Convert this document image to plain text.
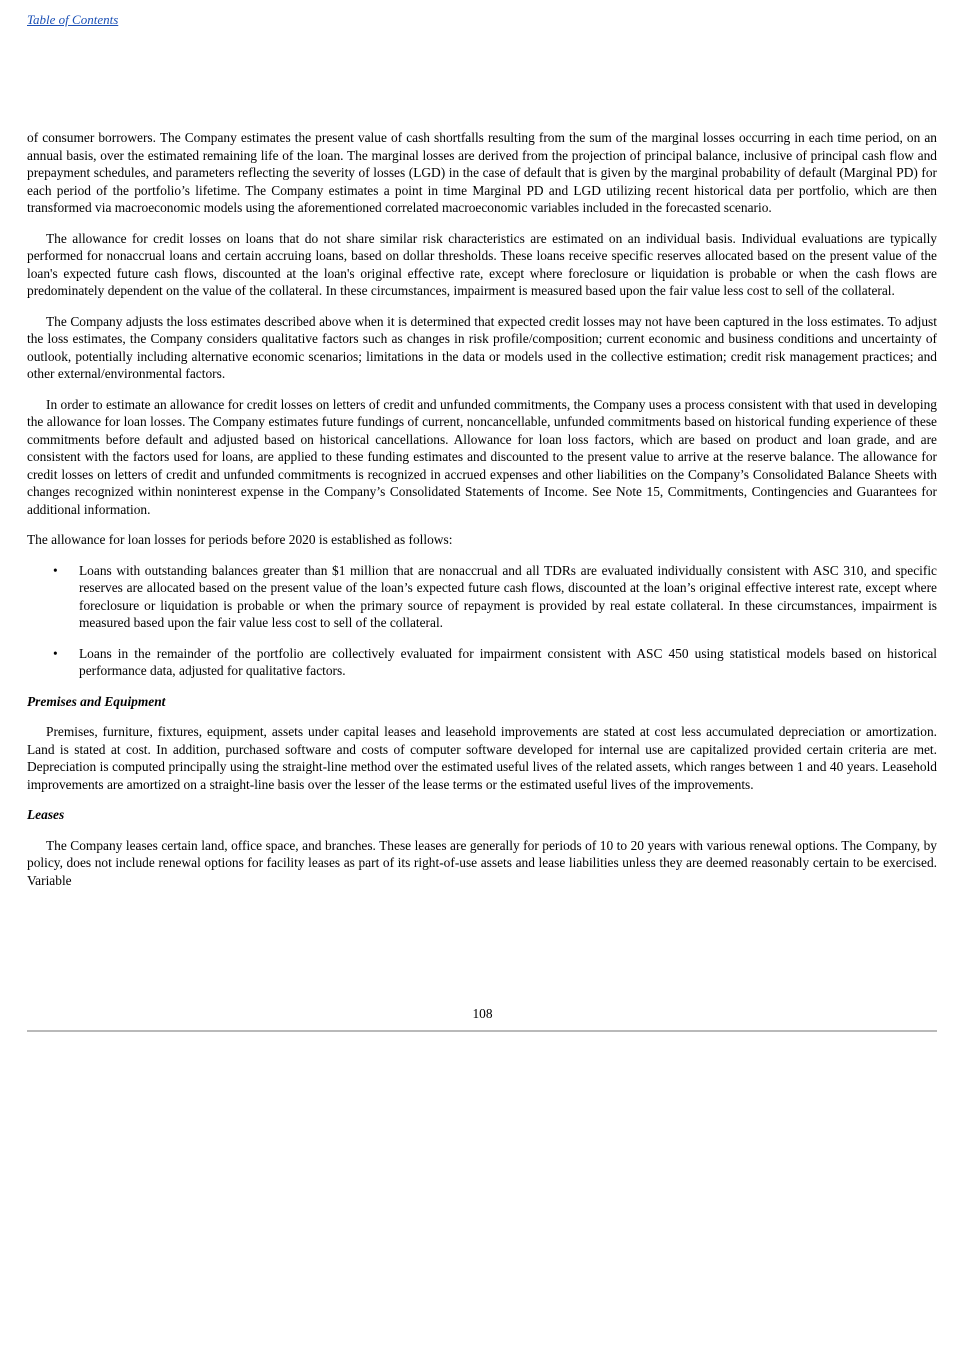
Table of Contents

of consumer borrowers. The Company estimates the present value of cash shortfalls resulting from the sum of the marginal losses occurring in each time period, on an annual basis, over the estimated remaining life of the loan. The marginal losses are derived from the projection of principal balance, inclusive of principal cash flow and prepayment schedules, and parameters reflecting the severity of losses (LGD) in the case of default that is given by the marginal probability of default (Marginal PD) for each period of the portfolio’s lifetime. The Company estimates a point in time Marginal PD and LGD utilizing recent historical data per portfolio, which are then transformed via macroeconomic models using the aforementioned correlated macroeconomic variables included in the forecasted scenario.

The allowance for credit losses on loans that do not share similar risk characteristics are estimated on an individual basis. Individual evaluations are typically performed for nonaccrual loans and certain accruing loans, based on dollar thresholds. These loans receive specific reserves allocated based on the present value of the loan's expected future cash flows, discounted at the loan's original effective rate, except where foreclosure or liquidation is probable or when the cash flows are predominately dependent on the value of the collateral. In these circumstances, impairment is measured based upon the fair value less cost to sell of the collateral.

The Company adjusts the loss estimates described above when it is determined that expected credit losses may not have been captured in the loss estimates. To adjust the loss estimates, the Company considers qualitative factors such as changes in risk profile/composition; current economic and business conditions and uncertainty of outlook, potentially including alternative economic scenarios; limitations in the data or models used in the collective estimation; credit risk management practices; and other external/environmental factors.

In order to estimate an allowance for credit losses on letters of credit and unfunded commitments, the Company uses a process consistent with that used in developing the allowance for loan losses. The Company estimates future fundings of current, noncancellable, unfunded commitments based on historical funding experience of these commitments before default and adjusted based on historical cancellations. Allowance for loan loss factors, which are based on product and loan grade, and are consistent with the factors used for loans, are applied to these funding estimates and discounted to the present value to arrive at the reserve balance. The allowance for credit losses on letters of credit and unfunded commitments is recognized in accrued expenses and other liabilities on the Company’s Consolidated Balance Sheets with changes recognized within noninterest expense in the Company’s Consolidated Statements of Income. See Note 15, Commitments, Contingencies and Guarantees for additional information.

The allowance for loan losses for periods before 2020 is established as follows:

• Loans with outstanding balances greater than $1 million that are nonaccrual and all TDRs are evaluated individually consistent with ASC 310, and specific reserves are allocated based on the present value of the loan’s expected future cash flows, discounted at the loan’s original effective interest rate, except where foreclosure or liquidation is probable or when the primary source of repayment is provided by real estate collateral. In these circumstances, impairment is measured based upon the fair value less cost to sell of the collateral.
• Loans in the remainder of the portfolio are collectively evaluated for impairment consistent with ASC 450 using statistical models based on historical performance data, adjusted for qualitative factors.

Premises and Equipment

Premises, furniture, fixtures, equipment, assets under capital leases and leasehold improvements are stated at cost less accumulated depreciation or amortization. Land is stated at cost. In addition, purchased software and costs of computer software developed for internal use are capitalized provided certain criteria are met. Depreciation is computed principally using the straight-line method over the estimated useful lives of the related assets, which ranges between 1 and 40 years. Leasehold improvements are amortized on a straight-line basis over the lesser of the lease terms or the estimated useful lives of the improvements.

Leases

The Company leases certain land, office space, and branches. These leases are generally for periods of 10 to 20 years with various renewal options. The Company, by policy, does not include renewal options for facility leases as part of its right-of-use assets and lease liabilities unless they are deemed reasonably certain to be exercised. Variable

108
